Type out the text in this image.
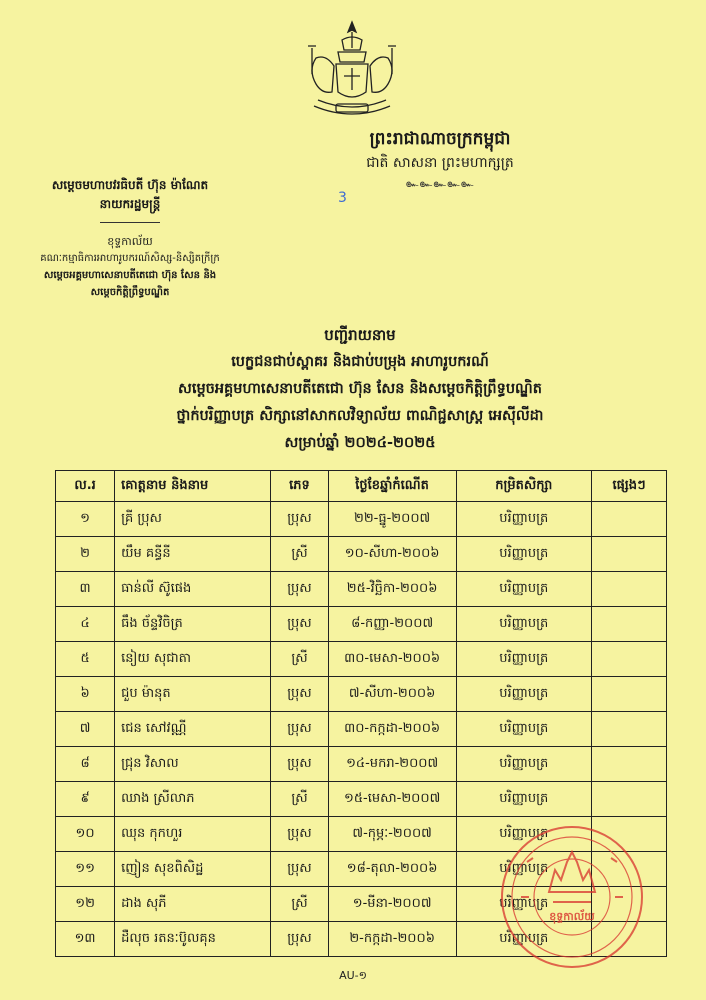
ព្រះរាជាណាចក្រកម្ពុជា
ជាតិ សាសនា ព្រះមហាក្សត្រ
๛๛๛๛๛
3
សម្តេចមហាបវរធិបតី ហ៊ុន ម៉ាណែត
នាយករដ្ឋមន្ត្រី
ខុទ្ទកាល័យ
គណៈកម្មាធិការអាហារូបករណ៍សិស្ស-និស្សិតក្រីក្រ
សម្តេចអគ្គមហាសេនាបតីតេជោ ហ៊ុន សែន និង
សម្តេចកិត្តិព្រឹទ្ធបណ្ឌិត
បញ្ជីរាយនាម
បេក្ខជនជាប់ស្ពាគរ និងជាប់បម្រុង អាហារូបករណ៍
សម្តេចអគ្គមហាសេនាបតីតេជោ ហ៊ុន សែន និងសម្តេចកិត្តិព្រឹទ្ធបណ្ឌិត
ថ្នាក់បរិញ្ញាបត្រ សិក្សានៅសាកលវិទ្យាល័យ ពាណិជ្ជសាស្ត្រ អេស៊ីលីដា
សម្រាប់ឆ្នាំ ២០២៤-២០២៥
ល.រ	គោត្តនាម និងនាម	ភេទ	ថ្ងៃខែឆ្នាំកំណើត	កម្រិតសិក្សា	ផ្សេងៗ
១	គ្រី ប្រុស	ប្រុស	២២-ធ្នូ-២០០៧	បរិញ្ញាបត្រ	
២	យឹម គន្ធីនី	ស្រី	១០-សីហា-២០០៦	បរិញ្ញាបត្រ	
៣	ធាន់លី ស៊ូផេង	ប្រុស	២៥-វិច្ឆិកា-២០០៦	បរិញ្ញាបត្រ	
៤	ធឹង ច័ន្ទវិចិត្រ	ប្រុស	៨-កញ្ញា-២០០៧	បរិញ្ញាបត្រ	
៥	នៀយ សុជាតា	ស្រី	៣០-មេសា-២០០៦	បរិញ្ញាបត្រ	
៦	ជួប ម៉ានុត	ប្រុស	៧-សីហា-២០០៦	បរិញ្ញាបត្រ	
៧	ជេន សៅវណ្ណី	ប្រុស	៣០-កក្កដា-២០០៦	បរិញ្ញាបត្រ	
៨	ជ្រុន វិសាល	ប្រុស	១៤-មករា-២០០៧	បរិញ្ញាបត្រ	
៩	ឈាង ស្រីលាភ	ស្រី	១៥-មេសា-២០០៧	បរិញ្ញាបត្រ	
១០	ឈុន កុកហួរ	ប្រុស	៧-កុម្ភៈ-២០០៧	បរិញ្ញាបត្រ	
១១	ញៀន សុខពិសិដ្ឋ	ប្រុស	១៨-តុលា-២០០៦	បរិញ្ញាបត្រ	
១២	ដាង សុភី	ស្រី	១-មីនា-២០០៧	បរិញ្ញាបត្រ	
១៣	ដឺលុច រតនៈប៊ូលគុន	ប្រុស	២-កក្កដា-២០០៦	បរិញ្ញាបត្រ	
ខុទ្ទកាល័យ
AU-១
